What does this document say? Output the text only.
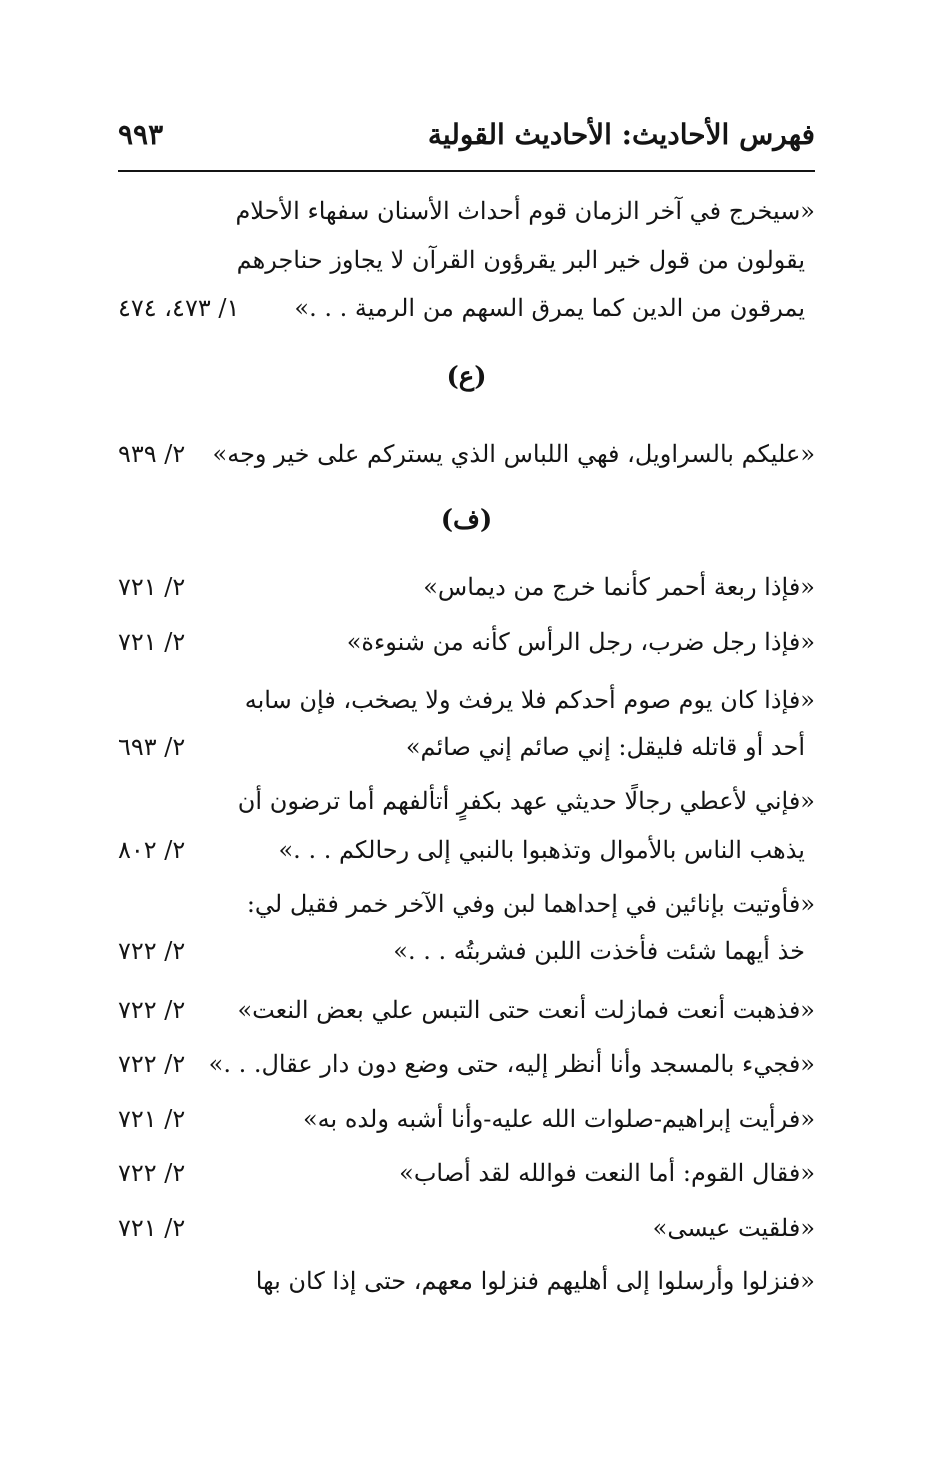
فهرس الأحاديث: الأحاديث القولية
٩٩٣
«سيخرج في آخر الزمان قوم أحداث الأسنان سفهاء الأحلام
يقولون من قول خير البر يقرؤون القرآن لا يجاوز حناجرهم
يمرقون من الدين كما يمرق السهم من الرمية . . .»
١/ ٤٧٣، ٤٧٤
(ع)
«عليكم بالسراويل، فهي اللباس الذي يستركم على خير وجه»
٢/ ٩٣٩
(ف)
«فإذا ربعة أحمر كأنما خرج من ديماس»
٢/ ٧٢١
«فإذا رجل ضرب، رجل الرأس كأنه من شنوءة»
٢/ ٧٢١
«فإذا كان يوم صوم أحدكم فلا يرفث ولا يصخب، فإن سابه
أحد أو قاتله فليقل: إني صائم إني صائم»
٢/ ٦٩٣
«فإني لأعطي رجالًا حديثي عهد بكفرٍ أتألفهم أما ترضون أن
يذهب الناس بالأموال وتذهبوا بالنبي إلى رحالكم . . .»
٢/ ٨٠٢
«فأوتيت بإنائين في إحداهما لبن وفي الآخر خمر فقيل لي:
خذ أيهما شئت فأخذت اللبن فشربتُه . . .»
٢/ ٧٢٢
«فذهبت أنعت فمازلت أنعت حتى التبس علي بعض النعت»
٢/ ٧٢٢
«فجيء بالمسجد وأنا أنظر إليه، حتى وضع دون دار عقال. . .»
٢/ ٧٢٢
«فرأيت إبراهيم-صلوات الله عليه-وأنا أشبه ولده به»
٢/ ٧٢١
«فقال القوم: أما النعت فوالله لقد أصاب»
٢/ ٧٢٢
«فلقيت عيسى»
٢/ ٧٢١
«فنزلوا وأرسلوا إلى أهليهم فنزلوا معهم، حتى إذا كان بها
